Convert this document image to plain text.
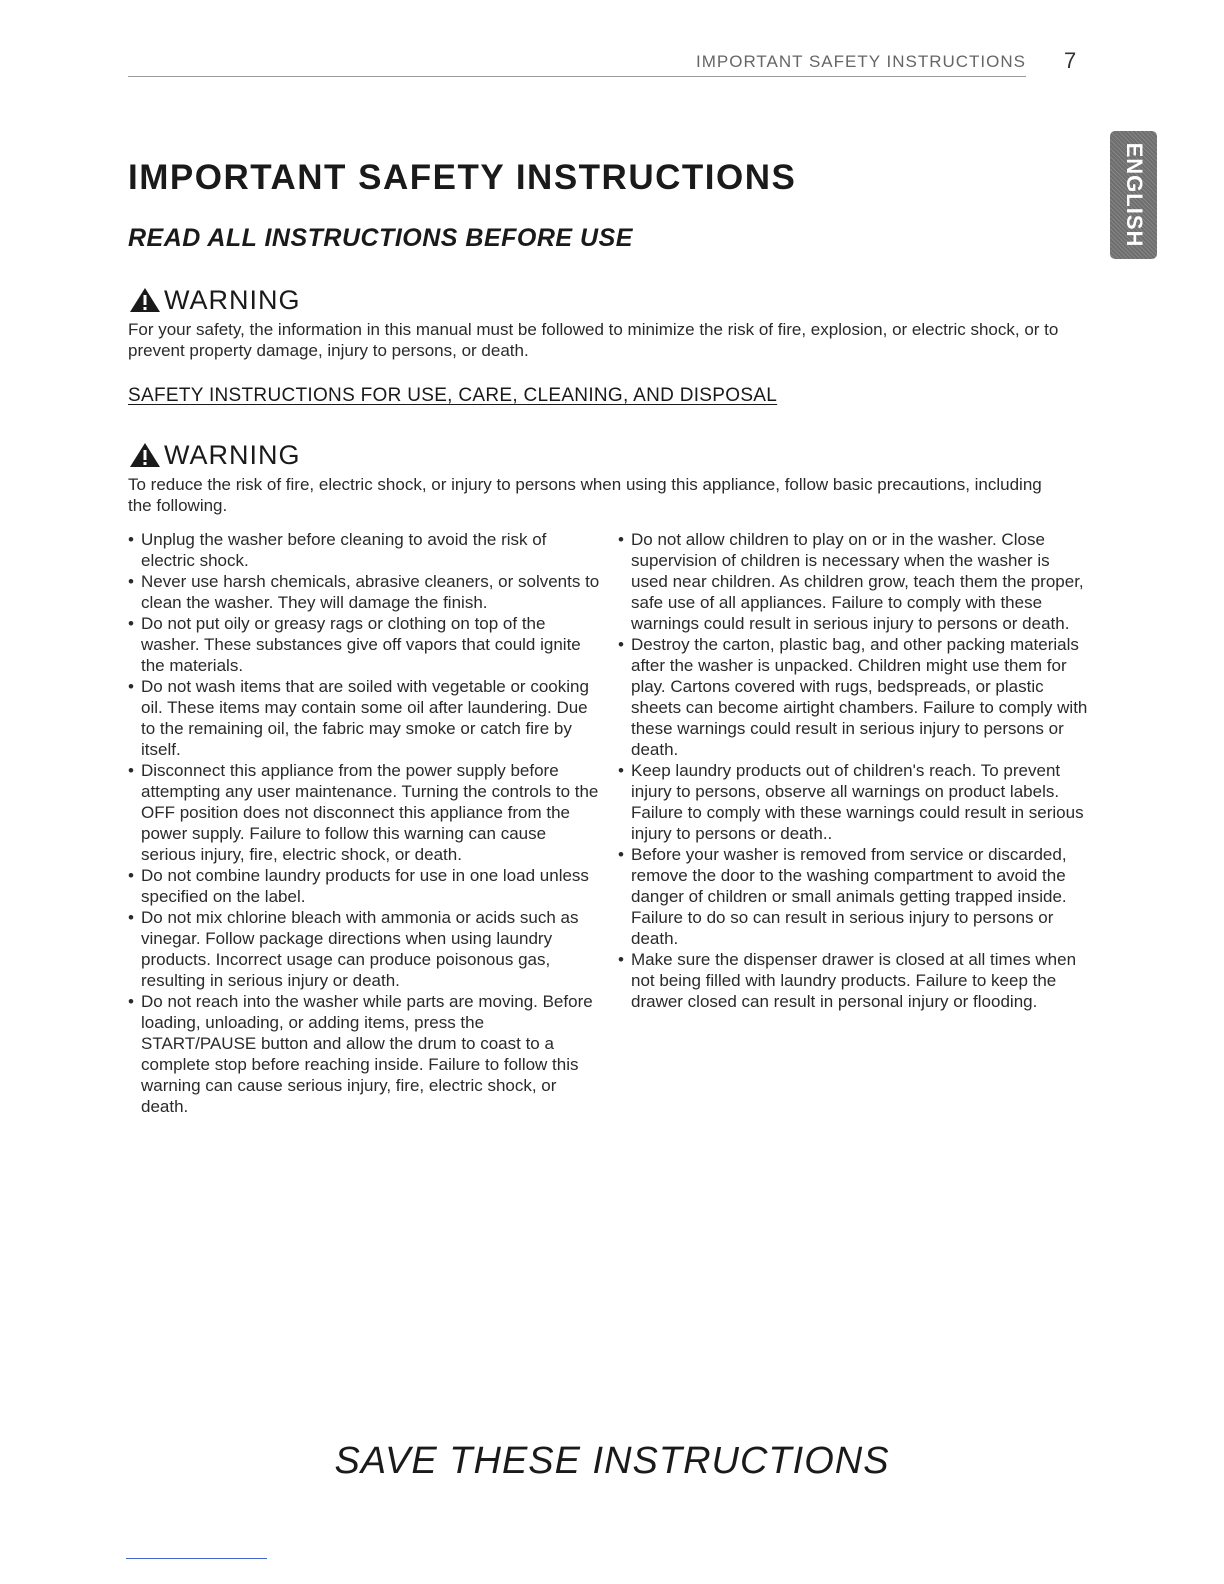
IMPORTANT SAFETY INSTRUCTIONS 7
ENGLISH
IMPORTANT SAFETY INSTRUCTIONS
READ ALL INSTRUCTIONS BEFORE USE
WARNING

For your safety, the information in this manual must be followed to minimize the risk of fire, explosion, or electric shock, or to prevent property damage, injury to persons, or death.

SAFETY INSTRUCTIONS FOR USE, CARE, CLEANING, AND DISPOSAL
WARNING

To reduce the risk of fire, electric shock, or injury to persons when using this appliance, follow basic precautions, including the following.

• Unplug the washer before cleaning to avoid the risk of electric shock.
• Never use harsh chemicals, abrasive cleaners, or solvents to clean the washer. They will damage the finish.
• Do not put oily or greasy rags or clothing on top of the washer. These substances give off vapors that could ignite the materials.
• Do not wash items that are soiled with vegetable or cooking oil. These items may contain some oil after laundering. Due to the remaining oil, the fabric may smoke or catch fire by itself.
• Disconnect this appliance from the power supply before attempting any user maintenance. Turning the controls to the OFF position does not disconnect this appliance from the power supply. Failure to follow this warning can cause serious injury, fire, electric shock, or death.
• Do not combine laundry products for use in one load unless specified on the label.
• Do not mix chlorine bleach with ammonia or acids such as vinegar. Follow package directions when using laundry products. Incorrect usage can produce poisonous gas, resulting in serious injury or death.
• Do not reach into the washer while parts are moving. Before loading, unloading, or adding items, press the START/PAUSE button and allow the drum to coast to a complete stop before reaching inside. Failure to follow this warning can cause serious injury, fire, electric shock, or death.
• Do not allow children to play on or in the washer. Close supervision of children is necessary when the washer is used near children. As children grow, teach them the proper, safe use of all appliances. Failure to comply with these warnings could result in serious injury to persons or death.
• Destroy the carton, plastic bag, and other packing materials after the washer is unpacked. Children might use them for play. Cartons covered with rugs, bedspreads, or plastic sheets can become airtight chambers. Failure to comply with these warnings could result in serious injury to persons or death.
• Keep laundry products out of children's reach. To prevent injury to persons, observe all warnings on product labels. Failure to comply with these warnings could result in serious injury to persons or death..
• Before your washer is removed from service or discarded, remove the door to the washing compartment to avoid the danger of children or small animals getting trapped inside. Failure to do so can result in serious injury to persons or death.
• Make sure the dispenser drawer is closed at all times when not being filled with laundry products. Failure to keep the drawer closed can result in personal injury or flooding.
SAVE THESE INSTRUCTIONS
